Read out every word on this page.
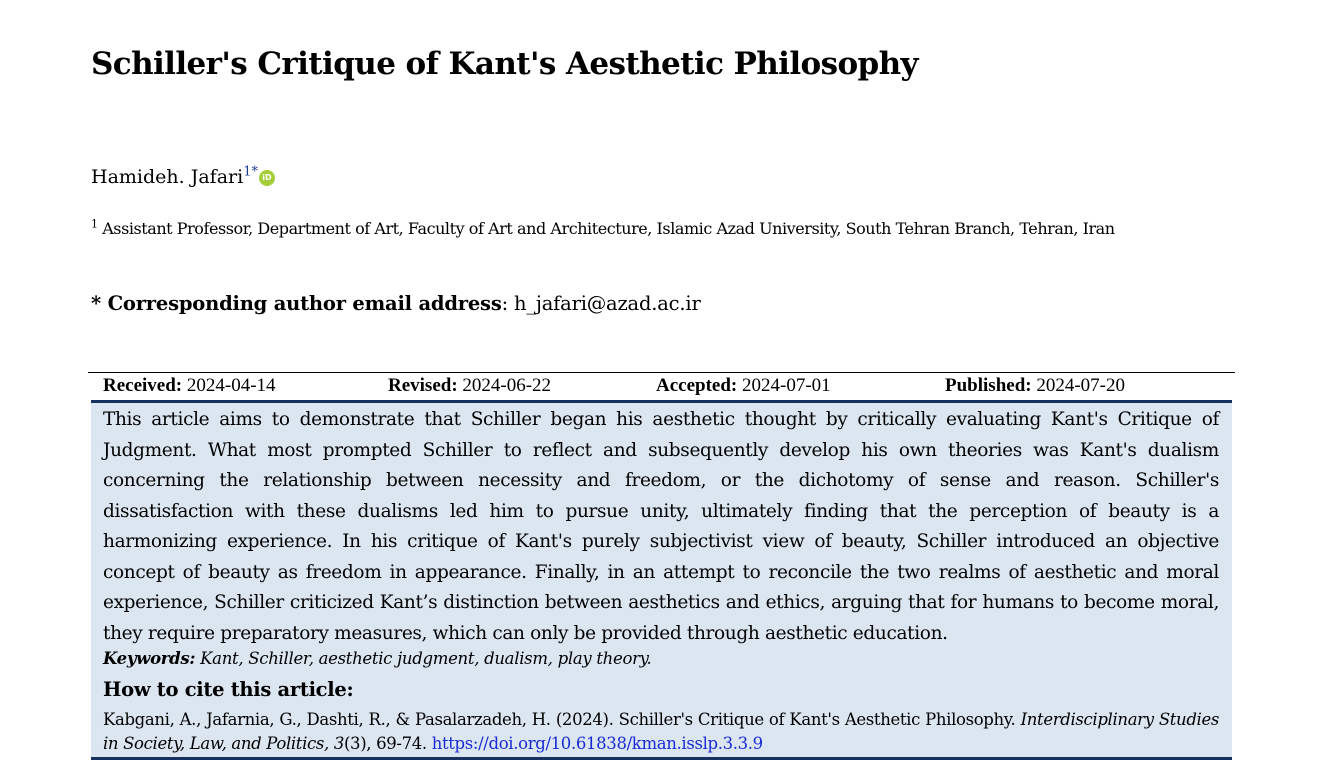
Schiller's Critique of Kant's Aesthetic Philosophy
Hamideh. Jafari$^{1*}$ iD
$^1$ Assistant Professor, Department of Art, Faculty of Art and Architecture, Islamic Azad University, South Tehran Branch, Tehran, Iran
* Corresponding author email address: h_jafari@azad.ac.ir
Received: 2024-04-14	Revised: 2024-06-22	Accepted: 2024-07-01	Published: 2024-07-20

This article aims to demonstrate that Schiller began his aesthetic thought by critically evaluating Kant's Critique of Judgment. What most prompted Schiller to reflect and subsequently develop his own theories was Kant's dualism concerning the relationship between necessity and freedom, or the dichotomy of sense and reason. Schiller's dissatisfaction with these dualisms led him to pursue unity, ultimately finding that the perception of beauty is a harmonizing experience. In his critique of Kant's purely subjectivist view of beauty, Schiller introduced an objective concept of beauty as freedom in appearance. Finally, in an attempt to reconcile the two realms of aesthetic and moral experience, Schiller criticized Kant’s distinction between aesthetics and ethics, arguing that for humans to become moral, they require preparatory measures, which can only be provided through aesthetic education.

Keywords: Kant, Schiller, aesthetic judgment, dualism, play theory.
How to cite this article:
Kabgani, A., Jafarnia, G., Dashti, R., & Pasalarzadeh, H. (2024). Schiller's Critique of Kant's Aesthetic Philosophy. Interdisciplinary Studies in Society, Law, and Politics, 3(3), 69-74. https://doi.org/10.61838/kman.isslp.3.3.9
